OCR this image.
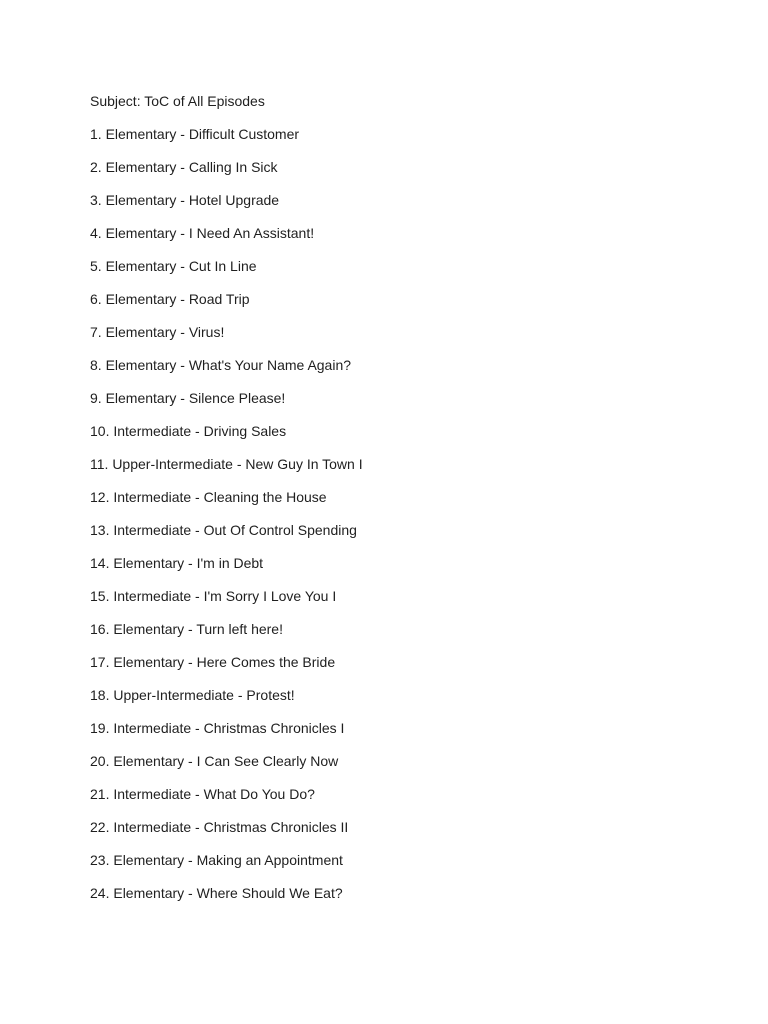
Subject: ToC of All Episodes

1. Elementary - Difficult Customer
2. Elementary - Calling In Sick
3. Elementary - Hotel Upgrade
4. Elementary - I Need An Assistant!
5. Elementary - Cut In Line
6. Elementary - Road Trip
7. Elementary - Virus!
8. Elementary - What's Your Name Again?
9. Elementary - Silence Please!
10. Intermediate - Driving Sales
11. Upper-Intermediate - New Guy In Town I
12. Intermediate - Cleaning the House
13. Intermediate - Out Of Control Spending
14. Elementary - I'm in Debt
15. Intermediate - I'm Sorry I Love You I
16. Elementary - Turn left here!
17. Elementary - Here Comes the Bride
18. Upper-Intermediate - Protest!
19. Intermediate - Christmas Chronicles I
20. Elementary - I Can See Clearly Now
21. Intermediate - What Do You Do?
22. Intermediate - Christmas Chronicles II
23. Elementary - Making an Appointment
24. Elementary - Where Should We Eat?
